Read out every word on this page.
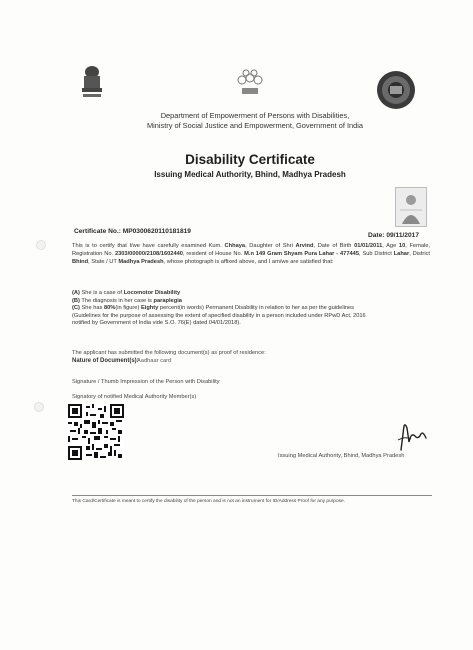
Department of Empowerment of Persons with Disabilities,
Ministry of Social Justice and Empowerment, Government of India
Disability Certificate
Issuing Medical Authority, Bhind, Madhya Pradesh
Certificate No.: MP0300620110181819
Date: 09/11/2017
This is to certify that I/we have carefully examined Kum. Chhaya, Daughter of Shri Arvind, Date of Birth 01/01/2011, Age 10, Female, Registration No. 2303/00000/2108/1602440, resident of House No. M.n 149 Gram Shyam Pura Lahar - 477445, Sub District Lahar, District Bhind, State / UT Madhya Pradesh, whose photograph is affixed above, and I am/we are satisfied that:
(A) She is a case of Locomotor Disability
(B) The diagnosis in her case is paraplegia
(C) She has 80%(in figure) Eighty percent(in words) Permanent Disability in relation to her as per the guidelines
(Guidelines for the purpose of assessing the extent of specified disability in a person included under RPwD Act, 2016
notified by Government of India vide S.O. 76(E) dated 04/01/2018).
The applicant has submitted the following document(s) as proof of residence:
Nature of Document(s):
Aadhaar card
Signature / Thumb Impression of the Person with Disability
Signatory of notified Medical Authority Member(s)
Issuing Medical Authority, Bhind, Madhya Pradesh
This Card/Certificate is meant to certify the disability of the person and is not an instrument for ID/Address Proof for any purpose.
